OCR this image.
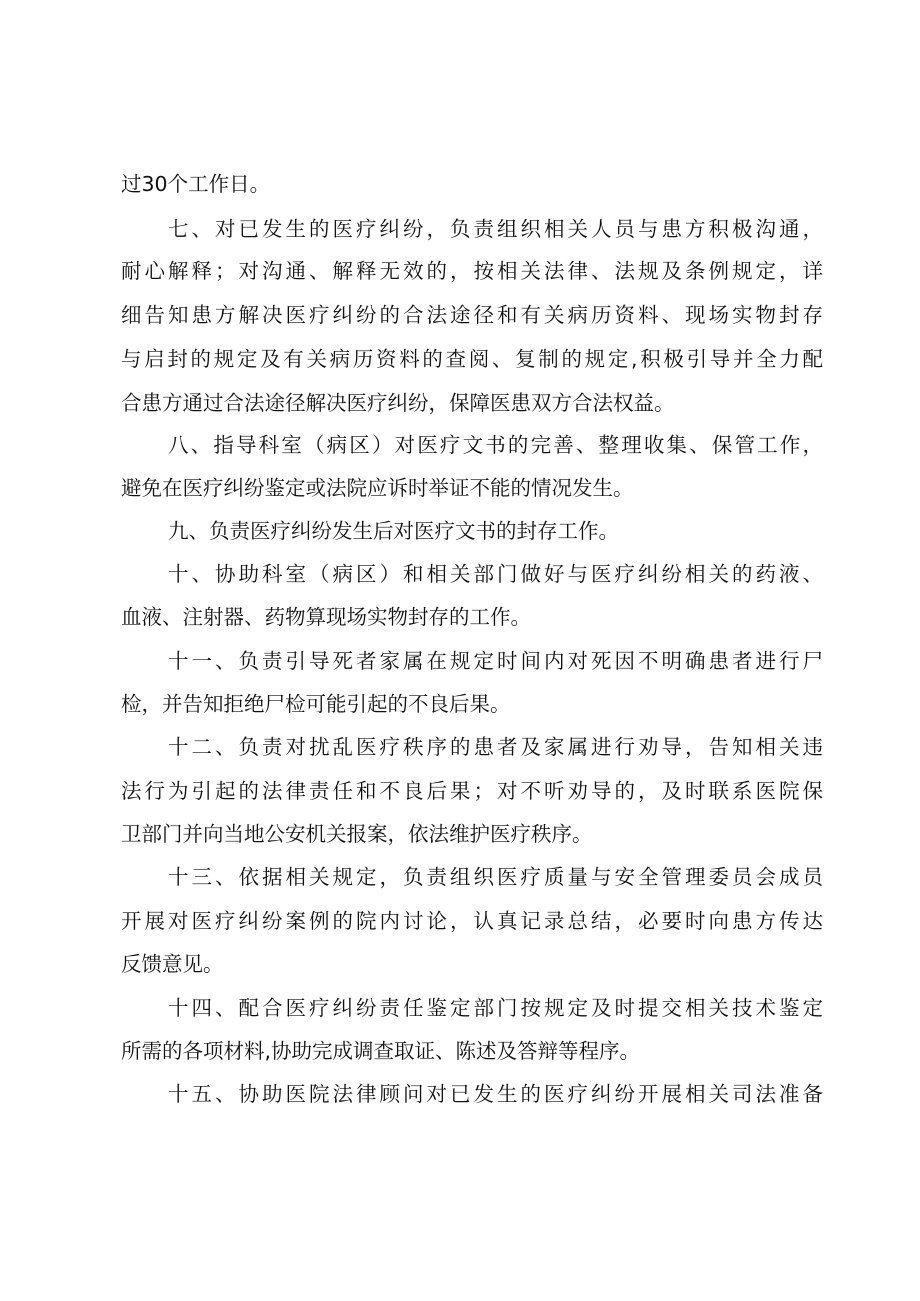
过30个工作日。
七、对已发生的医疗纠纷，负责组织相关人员与患方积极沟通，
耐心解释；对沟通、解释无效的，按相关法律、法规及条例规定，详
细告知患方解决医疗纠纷的合法途径和有关病历资料、现场实物封存
与启封的规定及有关病历资料的查阅、复制的规定,积极引导并全力配
合患方通过合法途径解决医疗纠纷，保障医患双方合法权益。
八、指导科室（病区）对医疗文书的完善、整理收集、保管工作，
避免在医疗纠纷鉴定或法院应诉时举证不能的情况发生。
九、负责医疗纠纷发生后对医疗文书的封存工作。
十、协助科室（病区）和相关部门做好与医疗纠纷相关的药液、
血液、注射器、药物算现场实物封存的工作。
十一、负责引导死者家属在规定时间内对死因不明确患者进行尸
检，并告知拒绝尸检可能引起的不良后果。
十二、负责对扰乱医疗秩序的患者及家属进行劝导，告知相关违
法行为引起的法律责任和不良后果；对不听劝导的，及时联系医院保
卫部门并向当地公安机关报案，依法维护医疗秩序。
十三、依据相关规定，负责组织医疗质量与安全管理委员会成员
开展对医疗纠纷案例的院内讨论，认真记录总结，必要时向患方传达
反馈意见。
十四、配合医疗纠纷责任鉴定部门按规定及时提交相关技术鉴定
所需的各项材料,协助完成调查取证、陈述及答辩等程序。
十五、协助医院法律顾问对已发生的医疗纠纷开展相关司法准备
